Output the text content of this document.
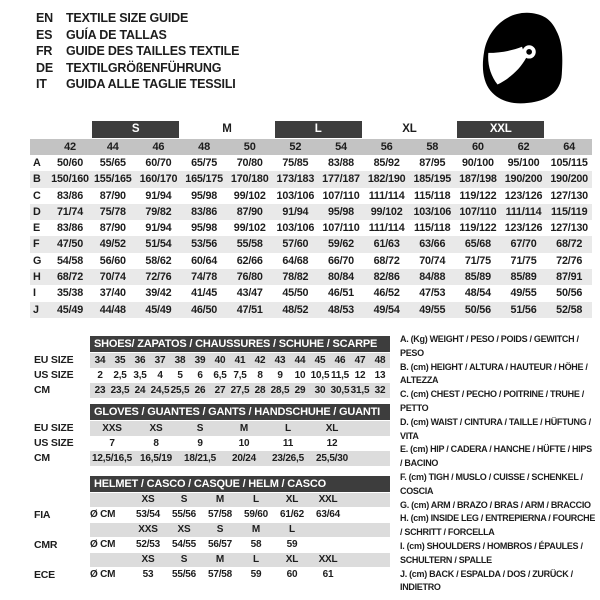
EN	TEXTILE SIZE GUIDE
ES	GUÍA DE TALLAS
FR	GUIDE DES TAILLES TEXTILE
DE	TEXTILGRÖßENFÜHRUNG
IT	GUIDA ALLE TAGLIE TESSILI
S	M	L	XL	XXL
42	44	46	48	50	52	54	56	58	60	62	64
A	50/60	55/65	60/70	65/75	70/80	75/85	83/88	85/92	87/95	90/100	95/100	105/115
B 150/160 155/165 160/170 165/175 170/180 173/183 177/187 182/190 185/195 187/198 190/200 190/200
C	83/86	87/90	91/94	95/98	99/102	103/106 107/110 111/114 115/118 119/122 123/126 127/130
D	71/74	75/78	79/82	83/86	87/90	91/94	95/98	99/102	103/106 107/110 111/114 115/119
E	83/86	87/90	91/94	95/98	99/102	103/106 107/110 111/114 115/118 119/122 123/126 127/130
F	47/50	49/52	51/54	53/56	55/58	57/60	59/62	61/63	63/66	65/68	67/70	68/72
G	54/58	56/60	58/62	60/64	62/66	64/68	66/70	68/72	70/74	71/75	71/75	72/76
H	68/72	70/74	72/76	74/78	76/80	78/82	80/84	82/86	84/88	85/89	85/89	87/91
I	35/38	37/40	39/42	41/45	43/47	45/50	46/51	46/52	47/53	48/54	49/55	50/56
J	45/49	44/48	45/49	46/50	47/51	48/52	48/53	49/54	49/55	50/56	51/56	52/58
SHOES/ ZAPATOS / CHAUSSURES / SCHUHE / SCARPE
EU SIZE	34 35 36 37 38 39 40 41 42 43 44 45 46 47 48
US SIZE	2	2,5 3,5	4	5	6	6,5 7,5	8	9	10 10,5 11,5 12 13
CM	23 23,5 24 24,5 25,5 26 27 27,5 28 28,5 29 30 30,5 31,5 32
GLOVES / GUANTES / GANTS / HANDSCHUHE / GUANTI
EU SIZE	XXS	XS	S	M	L	XL
US SIZE	7	8	9	10	11	12
CM	12,5/16,5 16,5/19	18/21,5	20/24	23/26,5	25,5/30
HELMET / CASCO / CASQUE / HELM / CASCO
XS	S	M	L	XL	XXL
FIA	Ø CM	53/54	55/56	57/58	59/60	61/62	63/64
XXS	XS	S	M	L
CMR	Ø CM	52/53	54/55	56/57	58	59
XS	S	M	L	XL	XXL
ECE	Ø CM	53	55/56	57/58	59	60	61
A. (Kg) WEIGHT / PESO / POIDS / GEWITCH / PESO
B. (cm) HEIGHT / ALTURA / HAUTEUR / HÖHE / ALTEZZA
C. (cm) CHEST / PECHO / POITRINE / TRUHE / PETTO
D. (cm) WAIST / CINTURA / TAILLE / HÜFTUNG / VITA
E. (cm) HIP / CADERA / HANCHE / HÜFTE / HIPS / BACINO
F. (cm) TIGH / MUSLO / CUISSE / SCHENKEL / COSCIA
G. (cm) ARM / BRAZO / BRAS / ARM / BRACCIO
H. (cm) INSIDE LEG / ENTREPIERNA / FOURCHE / SCHRITT / FORCELLA
I. (cm) SHOULDERS / HOMBROS / ÉPAULES / SCHULTERN / SPALLE
J. (cm) BACK / ESPALDA / DOS / ZURÜCK / INDIETRO
